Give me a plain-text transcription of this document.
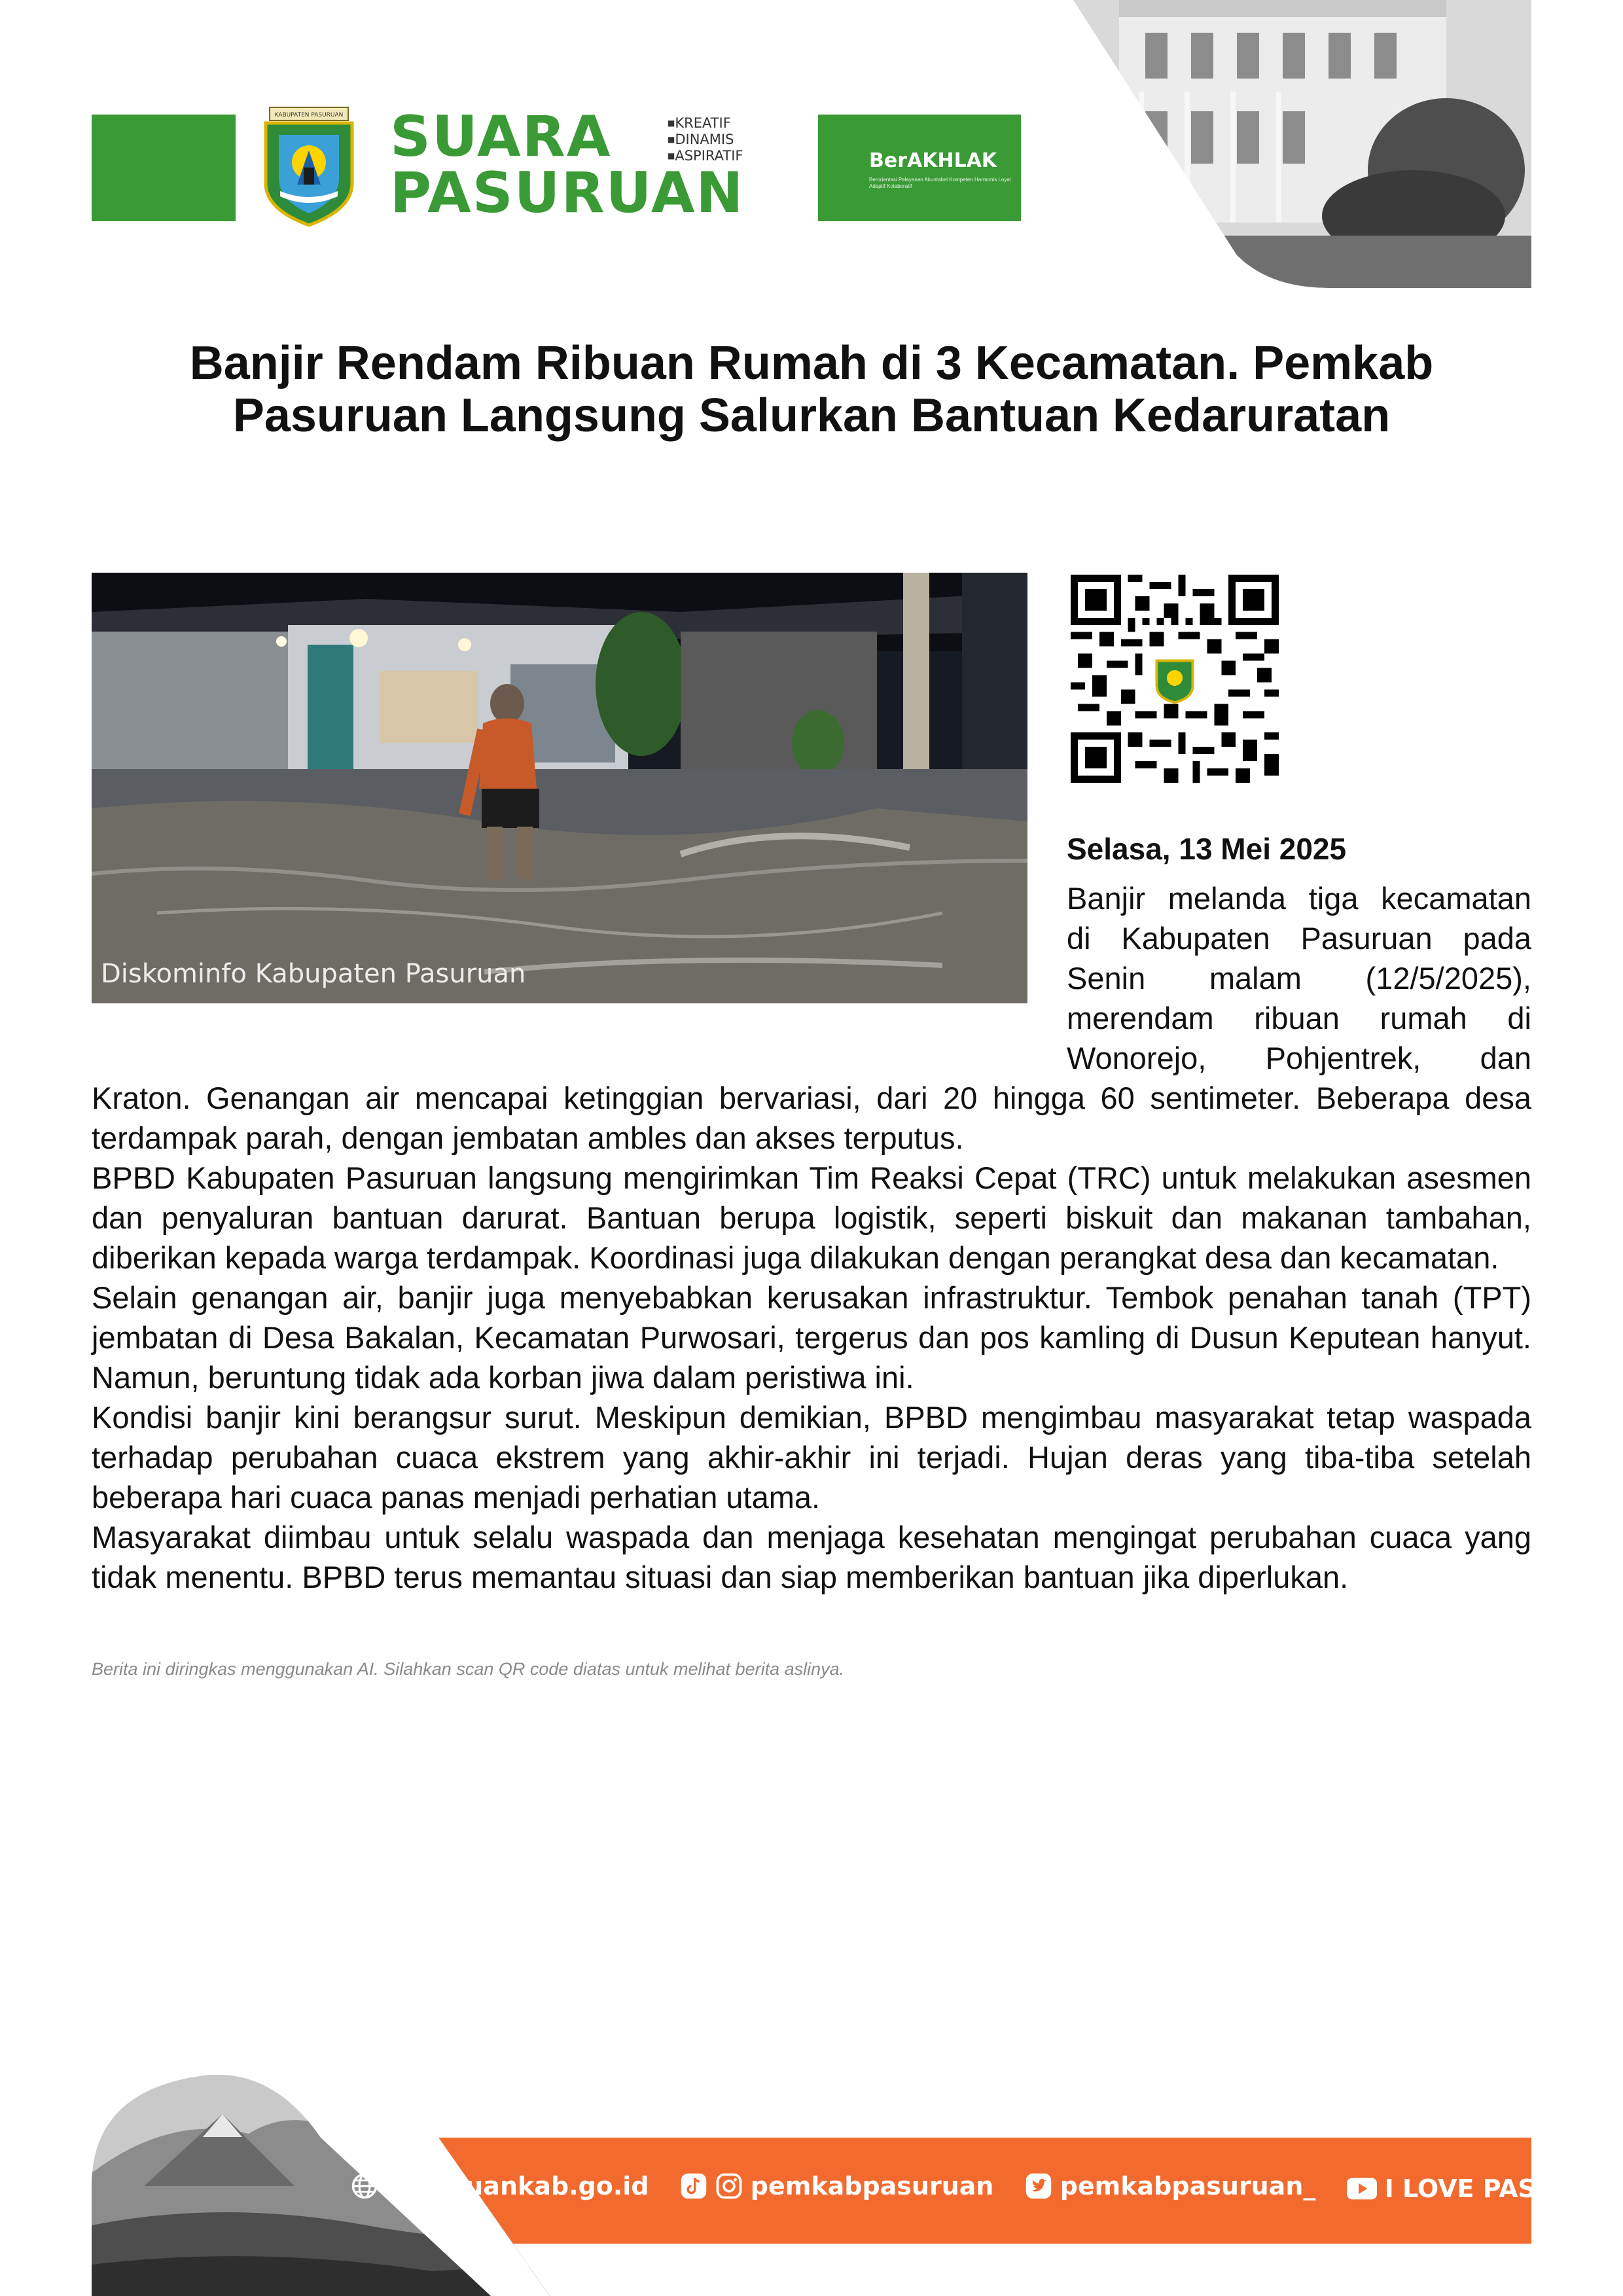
KABUPATEN PASURUAN SUARA
PASURUAN
■ KREATIF
■ DINAMIS
■ ASPIRATIF	BerAKHLAK
Berorientasi Pelayanan Akuntabel Kompeten Harmonis Loyal Adaptif Kolaboratif	# bangga
melayani
bangsa
Banjir Rendam Ribuan Rumah di 3 Kecamatan. Pemkab Pasuruan Langsung Salurkan Bantuan Kedaruratan
Diskominfo Kabupaten Pasuruan
Selasa, 13 Mei 2025
Banjir melanda tiga kecamatan
di Kabupaten Pasuruan pada
Senin malam (12/5/2025),
merendam ribuan rumah di
Wonorejo, Pohjentrek, dan

Kraton. Genangan air mencapai ketinggian bervariasi, dari 20 hingga 60 sentimeter. Beberapa desa terdampak parah, dengan jembatan ambles dan akses terputus.

BPBD Kabupaten Pasuruan langsung mengirimkan Tim Reaksi Cepat (TRC) untuk melakukan asesmen dan penyaluran bantuan darurat. Bantuan berupa logistik, seperti biskuit dan makanan tambahan, diberikan kepada warga terdampak. Koordinasi juga dilakukan dengan perangkat desa dan kecamatan.

Selain genangan air, banjir juga menyebabkan kerusakan infrastruktur. Tembok penahan tanah (TPT) jembatan di Desa Bakalan, Kecamatan Purwosari, tergerus dan pos kamling di Dusun Keputean hanyut. Namun, beruntung tidak ada korban jiwa dalam peristiwa ini.

Kondisi banjir kini berangsur surut. Meskipun demikian, BPBD mengimbau masyarakat tetap waspada terhadap perubahan cuaca ekstrem yang akhir-akhir ini terjadi. Hujan deras yang tiba-tiba setelah beberapa hari cuaca panas menjadi perhatian utama.

Masyarakat diimbau untuk selalu waspada dan menjaga kesehatan mengingat perubahan cuaca yang tidak menentu. BPBD terus memantau situasi dan siap memberikan bantuan jika diperlukan.

Berita ini diringkas menggunakan AI. Silahkan scan QR code diatas untuk melihat berita aslinya.
pasuruankab.go.id
	pemkabpasuruan
	pemkabpasuruan_
	I LOVE PAS TV
